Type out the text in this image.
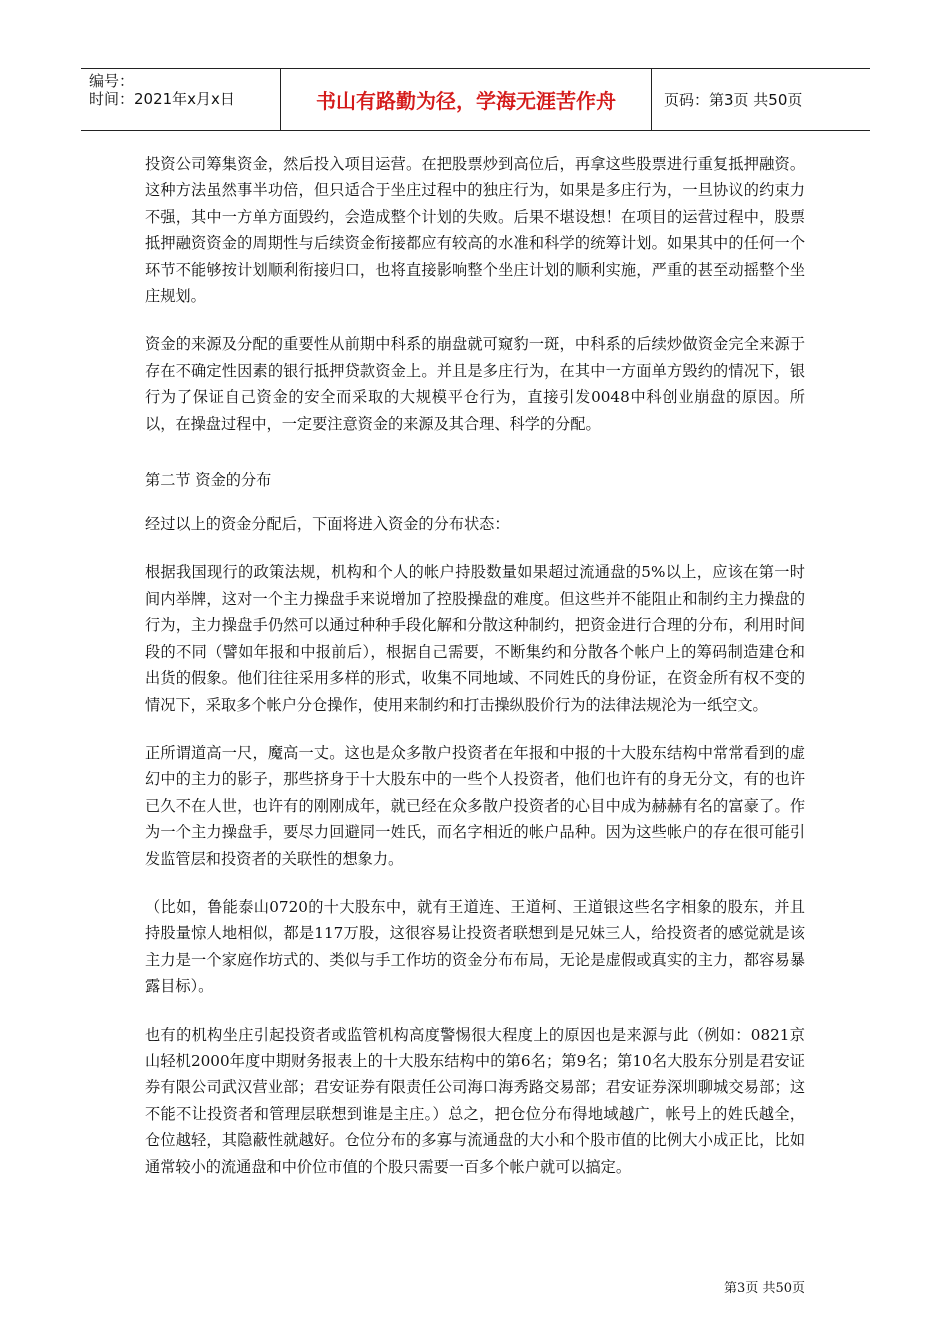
编号：
时间：2021年x月x日	书山有路勤为径，学海无涯苦作舟	页码：第3页 共50页

投资公司筹集资金，然后投入项目运营。在把股票炒到高位后，再拿这些股票进行重复抵押融资。这种方法虽然事半功倍，但只适合于坐庄过程中的独庄行为，如果是多庄行为，一旦协议的约束力不强，其中一方单方面毁约，会造成整个计划的失败。后果不堪设想！在项目的运营过程中，股票抵押融资资金的周期性与后续资金衔接都应有较高的水准和科学的统筹计划。如果其中的任何一个环节不能够按计划顺利衔接归口，也将直接影响整个坐庄计划的顺利实施，严重的甚至动摇整个坐庄规划。

资金的来源及分配的重要性从前期中科系的崩盘就可窥豹一斑，中科系的后续炒做资金完全来源于存在不确定性因素的银行抵押贷款资金上。并且是多庄行为，在其中一方面单方毁约的情况下，银行为了保证自己资金的安全而采取的大规模平仓行为，直接引发0048中科创业崩盘的原因。所以，在操盘过程中，一定要注意资金的来源及其合理、科学的分配。

第二节 资金的分布

经过以上的资金分配后，下面将进入资金的分布状态：

根据我国现行的政策法规，机构和个人的帐户持股数量如果超过流通盘的5%以上，应该在第一时间内举牌，这对一个主力操盘手来说增加了控股操盘的难度。但这些并不能阻止和制约主力操盘的行为，主力操盘手仍然可以通过种种手段化解和分散这种制约，把资金进行合理的分布，利用时间段的不同（譬如年报和中报前后），根据自己需要，不断集约和分散各个帐户上的筹码制造建仓和出货的假象。他们往往采用多样的形式，收集不同地域、不同姓氏的身份证，在资金所有权不变的情况下，采取多个帐户分仓操作，使用来制约和打击操纵股价行为的法律法规沦为一纸空文。

正所谓道高一尺，魔高一丈。这也是众多散户投资者在年报和中报的十大股东结构中常常看到的虚幻中的主力的影子，那些挤身于十大股东中的一些个人投资者，他们也许有的身无分文，有的也许已久不在人世，也许有的刚刚成年，就已经在众多散户投资者的心目中成为赫赫有名的富豪了。作为一个主力操盘手，要尽力回避同一姓氏，而名字相近的帐户品种。因为这些帐户的存在很可能引发监管层和投资者的关联性的想象力。

（比如，鲁能泰山0720的十大股东中，就有王道连、王道柯、王道银这些名字相象的股东，并且持股量惊人地相似，都是117万股，这很容易让投资者联想到是兄妹三人，给投资者的感觉就是该主力是一个家庭作坊式的、类似与手工作坊的资金分布布局，无论是虚假或真实的主力，都容易暴露目标）。

也有的机构坐庄引起投资者或监管机构高度警惕很大程度上的原因也是来源与此（例如：0821京山轻机2000年度中期财务报表上的十大股东结构中的第6名；第9名；第10名大股东分别是君安证券有限公司武汉营业部；君安证券有限责任公司海口海秀路交易部；君安证券深圳聊城交易部；这不能不让投资者和管理层联想到谁是主庄。）总之，把仓位分布得地域越广，帐号上的姓氏越全，仓位越轻，其隐蔽性就越好。仓位分布的多寡与流通盘的大小和个股市值的比例大小成正比，比如通常较小的流通盘和中价位市值的个股只需要一百多个帐户就可以搞定。

第3页 共50页
